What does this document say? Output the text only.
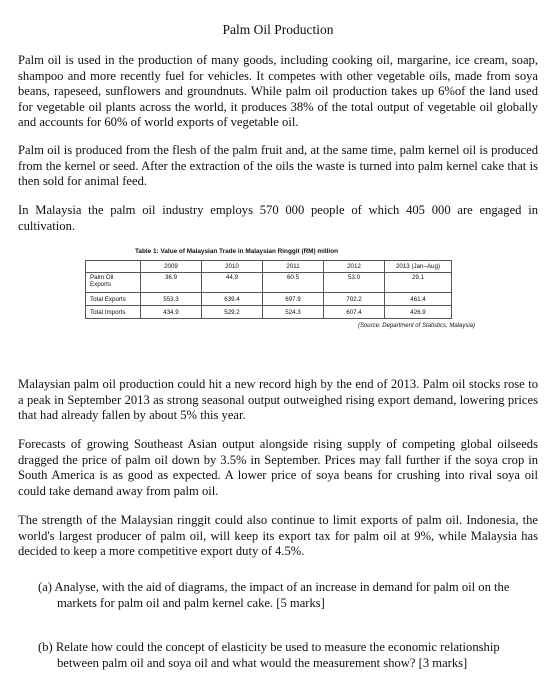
Palm Oil Production

Palm oil is used in the production of many goods, including cooking oil, margarine, ice cream, soap, shampoo and more recently fuel for vehicles. It competes with other vegetable oils, made from soya beans, rapeseed, sunflowers and groundnuts. While palm oil production takes up 6%of the land used for vegetable oil plants across the world, it produces 38% of the total output of vegetable oil globally and accounts for 60% of world exports of vegetable oil.

Palm oil is produced from the flesh of the palm fruit and, at the same time, palm kernel oil is produced from the kernel or seed. After the extraction of the oils the waste is turned into palm kernel cake that is then sold for animal feed.

In Malaysia the palm oil industry employs 570 000 people of which 405 000 are engaged in cultivation.

Table 1: Value of Malaysian Trade in Malaysian Ringgit (RM) million
	2009	2010	2011	2012	2013 (Jan–Aug)
Palm Oil Exports	36.9	44.9	60.5	53.0	29.1
Total Exports	553.3	639.4	697.9	702.2	461.4
Total Imports	434.9	529.2	524.3	607.4	426.9
(Source: Department of Statistics, Malaysia)

Malaysian palm oil production could hit a new record high by the end of 2013. Palm oil stocks rose to a peak in September 2013 as strong seasonal output outweighed rising export demand, lowering prices that had already fallen by about 5% this year.

Forecasts of growing Southeast Asian output alongside rising supply of competing global oilseeds dragged the price of palm oil down by 3.5% in September. Prices may fall further if the soya crop in South America is as good as expected. A lower price of soya beans for crushing into rival soya oil could take demand away from palm oil.

The strength of the Malaysian ringgit could also continue to limit exports of palm oil. Indonesia, the world's largest producer of palm oil, will keep its export tax for palm oil at 9%, while Malaysia has decided to keep a more competitive export duty of 4.5%.

(a) Analyse, with the aid of diagrams, the impact of an increase in demand for palm oil on the markets for palm oil and palm kernel cake. [5 marks]

(b) Relate how could the concept of elasticity be used to measure the economic relationship between palm oil and soya oil and what would the measurement show? [3 marks]
